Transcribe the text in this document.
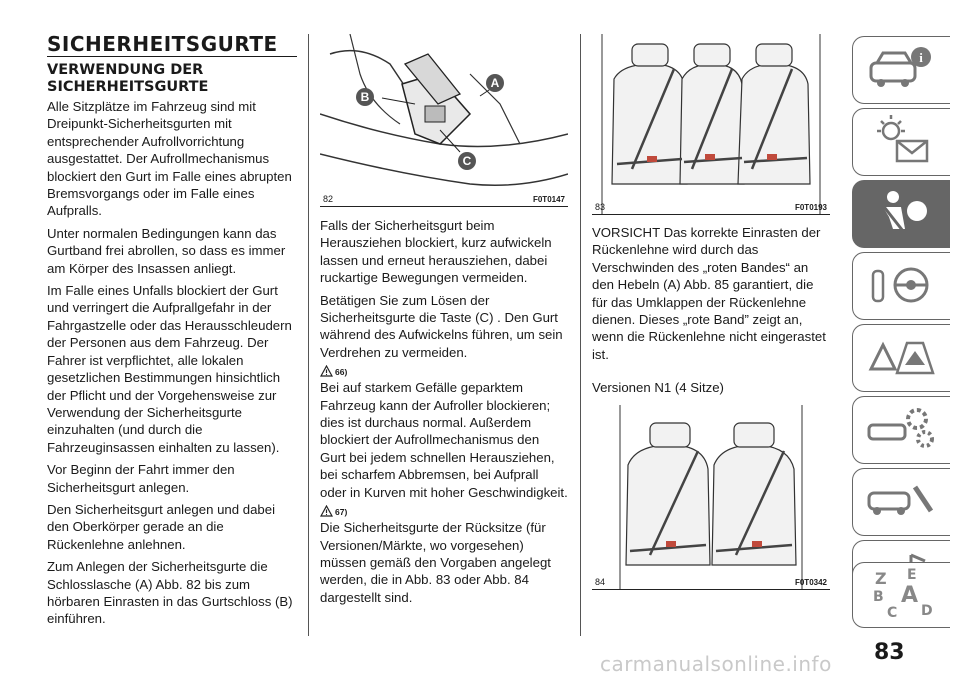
SICHERHEITSGURTE
VERWENDUNG DER SICHERHEITSGURTE

Alle Sitzplätze im Fahrzeug sind mit Dreipunkt-Sicherheitsgurten mit entsprechender Aufrollvorrichtung ausgestattet. Der Aufrollmechanismus blockiert den Gurt im Falle eines abrupten Bremsvorgangs oder im Falle eines Aufpralls.

Unter normalen Bedingungen kann das Gurtband frei abrollen, so dass es immer am Körper des Insassen anliegt.

Im Falle eines Unfalls blockiert der Gurt und verringert die Aufprallgefahr in der Fahrgastzelle oder das Herausschleudern der Personen aus dem Fahrzeug. Der Fahrer ist verpflichtet, alle lokalen gesetzlichen Bestimmungen hinsichtlich der Pflicht und der Vorgehensweise zur Verwendung der Sicherheitsgurte einzuhalten (und durch die Fahrzeuginsassen einhalten zu lassen).

Vor Beginn der Fahrt immer den Sicherheitsgurt anlegen.

Den Sicherheitsgurt anlegen und dabei den Oberkörper gerade an die Rückenlehne anlehnen.

Zum Anlegen der Sicherheitsgurte die Schlosslasche (A) Abb. 82 bis zum hörbaren Einrasten in das Gurtschloss (B) einführen.

A
B
C
82	F0T0147

Falls der Sicherheitsgurt beim Herausziehen blockiert, kurz aufwickeln lassen und erneut herausziehen, dabei ruckartige Bewegungen vermeiden.

Betätigen Sie zum Lösen der Sicherheitsgurte die Taste (C) . Den Gurt während des Aufwickelns führen, um sein Verdrehen zu vermeiden.

66)

Bei auf starkem Gefälle geparktem Fahrzeug kann der Aufroller blockieren; dies ist durchaus normal. Außerdem blockiert der Aufrollmechanismus den Gurt bei jedem schnellen Herausziehen, bei scharfem Abbremsen, bei Aufprall oder in Kurven mit hoher Geschwindigkeit.

67)

Die Sicherheitsgurte der Rücksitze (für Versionen/Märkte, wo vorgesehen) müssen gemäß den Vorgaben angelegt werden, die in Abb. 83 oder Abb. 84 dargestellt sind.

83	F0T0193

VORSICHT Das korrekte Einrasten der Rückenlehne wird durch das Verschwinden des „roten Bandes“ an den Hebeln (A) Abb. 85 garantiert, die für das Umklappen der Rückenlehne dienen. Dieses „rote Band” zeigt an, wenn die Rückenlehne nicht eingerastet ist.

Versionen N1 (4 Sitze)

84	F0T0342
i
Z E
B A
C D
83
carmanualsonline.info
